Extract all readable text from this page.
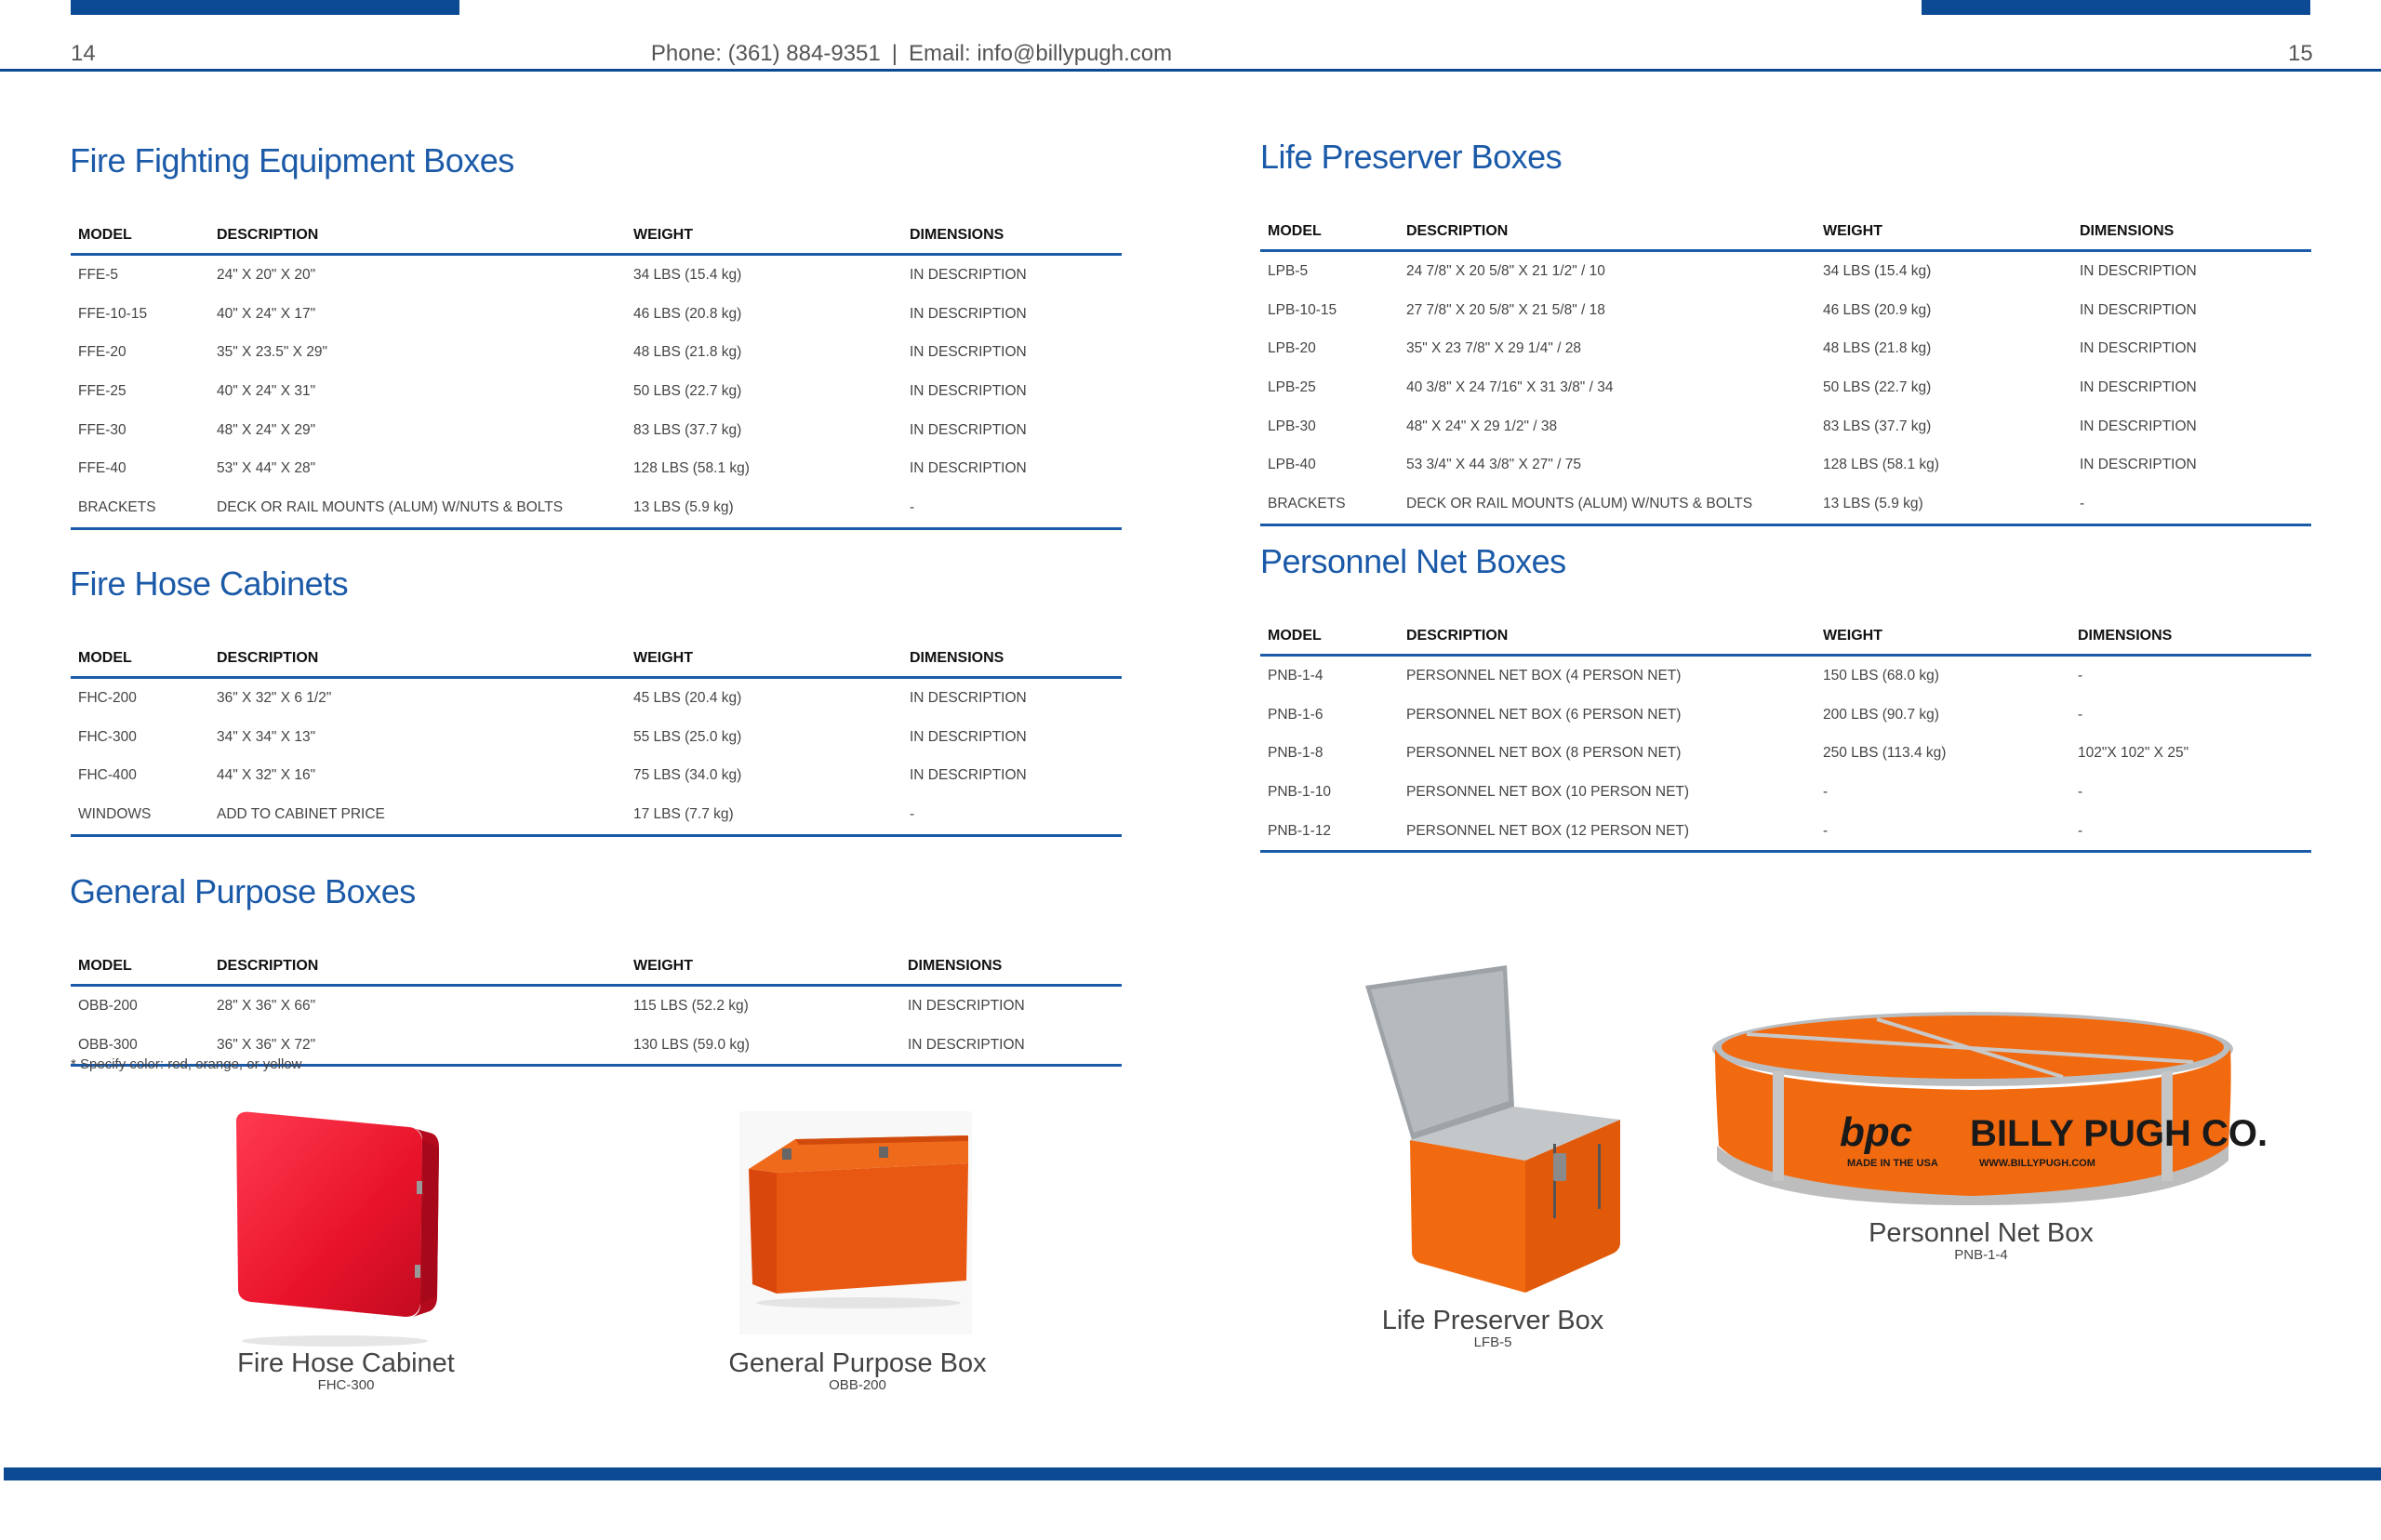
14	15
Phone: (361) 884-9351 | Email: info@billypugh.com
Fire Fighting Equipment Boxes
MODEL	DESCRIPTION	WEIGHT	DIMENSIONS
FFE-5	24" X 20" X 20"	34 LBS (15.4 kg)	IN DESCRIPTION
FFE-10-15	40" X 24" X 17"	46 LBS (20.8 kg)	IN DESCRIPTION
FFE-20	35" X 23.5" X 29"	48 LBS (21.8 kg)	IN DESCRIPTION
FFE-25	40" X 24" X 31"	50 LBS (22.7 kg)	IN DESCRIPTION
FFE-30	48" X 24" X 29"	83 LBS (37.7 kg)	IN DESCRIPTION
FFE-40	53" X 44" X 28"	128 LBS (58.1 kg)	IN DESCRIPTION
BRACKETS	DECK OR RAIL MOUNTS (ALUM) W/NUTS & BOLTS	13 LBS (5.9 kg)	-
Fire Hose Cabinets
MODEL	DESCRIPTION	WEIGHT	DIMENSIONS
FHC-200	36" X 32" X 6 1/2"	45 LBS (20.4 kg)	IN DESCRIPTION
FHC-300	34" X 34" X 13"	55 LBS (25.0 kg)	IN DESCRIPTION
FHC-400	44" X 32" X 16"	75 LBS (34.0 kg)	IN DESCRIPTION
WINDOWS	ADD TO CABINET PRICE	17 LBS (7.7 kg)	-
General Purpose Boxes
MODEL	DESCRIPTION	WEIGHT	DIMENSIONS
OBB-200	28" X 36" X 66"	115 LBS (52.2 kg)	IN DESCRIPTION
OBB-300	36" X 36" X 72"	130 LBS (59.0 kg)	IN DESCRIPTION
* Specify color: red, orange, or yellow
Life Preserver Boxes
MODEL	DESCRIPTION	WEIGHT	DIMENSIONS
LPB-5	24 7/8" X 20 5/8" X 21 1/2" / 10	34 LBS (15.4 kg)	IN DESCRIPTION
LPB-10-15	27 7/8" X 20 5/8" X 21 5/8" / 18	46 LBS (20.9 kg)	IN DESCRIPTION
LPB-20	35" X 23 7/8" X 29 1/4" / 28	48 LBS (21.8 kg)	IN DESCRIPTION
LPB-25	40 3/8" X 24 7/16" X 31 3/8" / 34	50 LBS (22.7 kg)	IN DESCRIPTION
LPB-30	48" X 24" X 29 1/2" / 38	83 LBS (37.7 kg)	IN DESCRIPTION
LPB-40	53 3/4" X 44 3/8" X 27" / 75	128 LBS (58.1 kg)	IN DESCRIPTION
BRACKETS	DECK OR RAIL MOUNTS (ALUM) W/NUTS & BOLTS	13 LBS (5.9 kg)	-
Personnel Net Boxes
MODEL	DESCRIPTION	WEIGHT	DIMENSIONS
PNB-1-4	PERSONNEL NET BOX (4 PERSON NET)	150 LBS (68.0 kg)	-
PNB-1-6	PERSONNEL NET BOX (6 PERSON NET)	200 LBS (90.7 kg)	-
PNB-1-8	PERSONNEL NET BOX (8 PERSON NET)	250 LBS (113.4 kg)	102"X 102" X 25"
PNB-1-10	PERSONNEL NET BOX (10 PERSON NET)	-	-
PNB-1-12	PERSONNEL NET BOX (12 PERSON NET)	-	-
bpc BILLY PUGH CO.
MADE IN THE USA	WWW.BILLYPUGH.COM
Fire Hose Cabinet
FHC-300
General Purpose Box
OBB-200
Life Preserver Box
LFB-5
Personnel Net Box
PNB-1-4
